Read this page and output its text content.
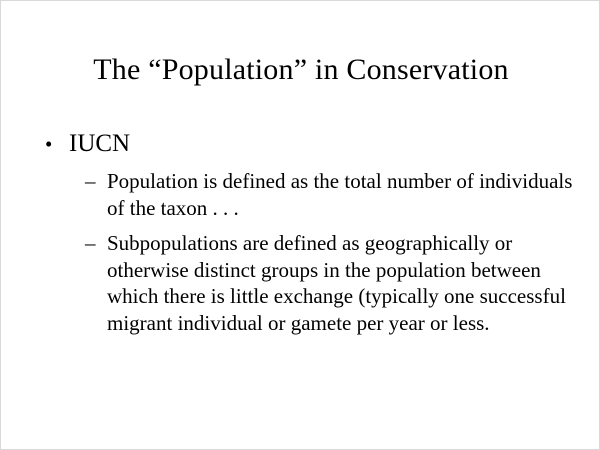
The “Population” in Conservation
• IUCN
– Population is defined as the total number of individuals of the taxon . . .
– Subpopulations are defined as geographically or otherwise distinct groups in the population between which there is little exchange (typically one successful migrant individual or gamete per year or less.
